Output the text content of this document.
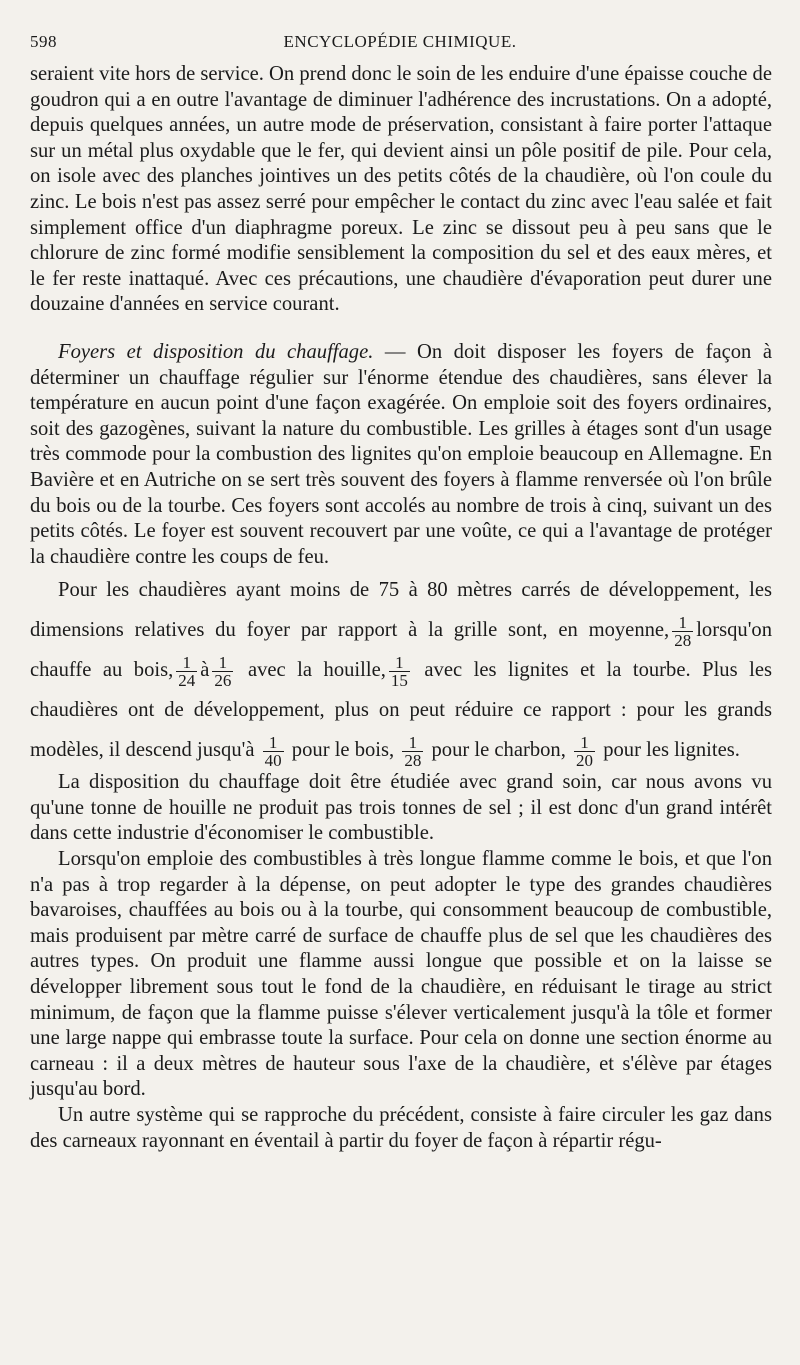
598	ENCYCLOPÉDIE CHIMIQUE.

seraient vite hors de service. On prend donc le soin de les enduire d'une épaisse couche de goudron qui a en outre l'avantage de diminuer l'adhérence des incrustations. On a adopté, depuis quelques années, un autre mode de préservation, consistant à faire porter l'attaque sur un métal plus oxydable que le fer, qui devient ainsi un pôle positif de pile. Pour cela, on isole avec des planches jointives un des petits côtés de la chaudière, où l'on coule du zinc. Le bois n'est pas assez serré pour empêcher le contact du zinc avec l'eau salée et fait simplement office d'un diaphragme poreux. Le zinc se dissout peu à peu sans que le chlorure de zinc formé modifie sensiblement la composition du sel et des eaux mères, et le fer reste inattaqué. Avec ces précautions, une chaudière d'évaporation peut durer une douzaine d'années en service courant.

Foyers et disposition du chauffage. — On doit disposer les foyers de façon à déterminer un chauffage régulier sur l'énorme étendue des chaudières, sans élever la température en aucun point d'une façon exagérée. On emploie soit des foyers ordinaires, soit des gazogènes, suivant la nature du combustible. Les grilles à étages sont d'un usage très commode pour la combustion des lignites qu'on emploie beaucoup en Allemagne. En Bavière et en Autriche on se sert très souvent des foyers à flamme renversée où l'on brûle du bois ou de la tourbe. Ces foyers sont accolés au nombre de trois à cinq, suivant un des petits côtés. Le foyer est souvent recouvert par une voûte, ce qui a l'avantage de protéger la chaudière contre les coups de feu.

Pour les chaudières ayant moins de 75 à 80 mètres carrés de développement, les dimensions relatives du foyer par rapport à la grille sont, en moyenne, $\frac{1}{28}$ lorsqu'on chauffe au bois, $\frac{1}{24}$ à $\frac{1}{26}$ avec la houille, $\frac{1}{15}$ avec les lignites et la tourbe. Plus les chaudières ont de développement, plus on peut réduire ce rapport : pour les grands modèles, il descend jusqu'à $\frac{1}{40}$ pour le bois, $\frac{1}{28}$ pour le charbon, $\frac{1}{20}$ pour les lignites.

La disposition du chauffage doit être étudiée avec grand soin, car nous avons vu qu'une tonne de houille ne produit pas trois tonnes de sel ; il est donc d'un grand intérêt dans cette industrie d'économiser le combustible.

Lorsqu'on emploie des combustibles à très longue flamme comme le bois, et que l'on n'a pas à trop regarder à la dépense, on peut adopter le type des grandes chaudières bavaroises, chauffées au bois ou à la tourbe, qui consomment beaucoup de combustible, mais produisent par mètre carré de surface de chauffe plus de sel que les chaudières des autres types. On produit une flamme aussi longue que possible et on la laisse se développer librement sous tout le fond de la chaudière, en réduisant le tirage au strict minimum, de façon que la flamme puisse s'élever verticalement jusqu'à la tôle et former une large nappe qui embrasse toute la surface. Pour cela on donne une section énorme au carneau : il a deux mètres de hauteur sous l'axe de la chaudière, et s'élève par étages jusqu'au bord.

Un autre système qui se rapproche du précédent, consiste à faire circuler les gaz dans des carneaux rayonnant en éventail à partir du foyer de façon à répartir régu-
